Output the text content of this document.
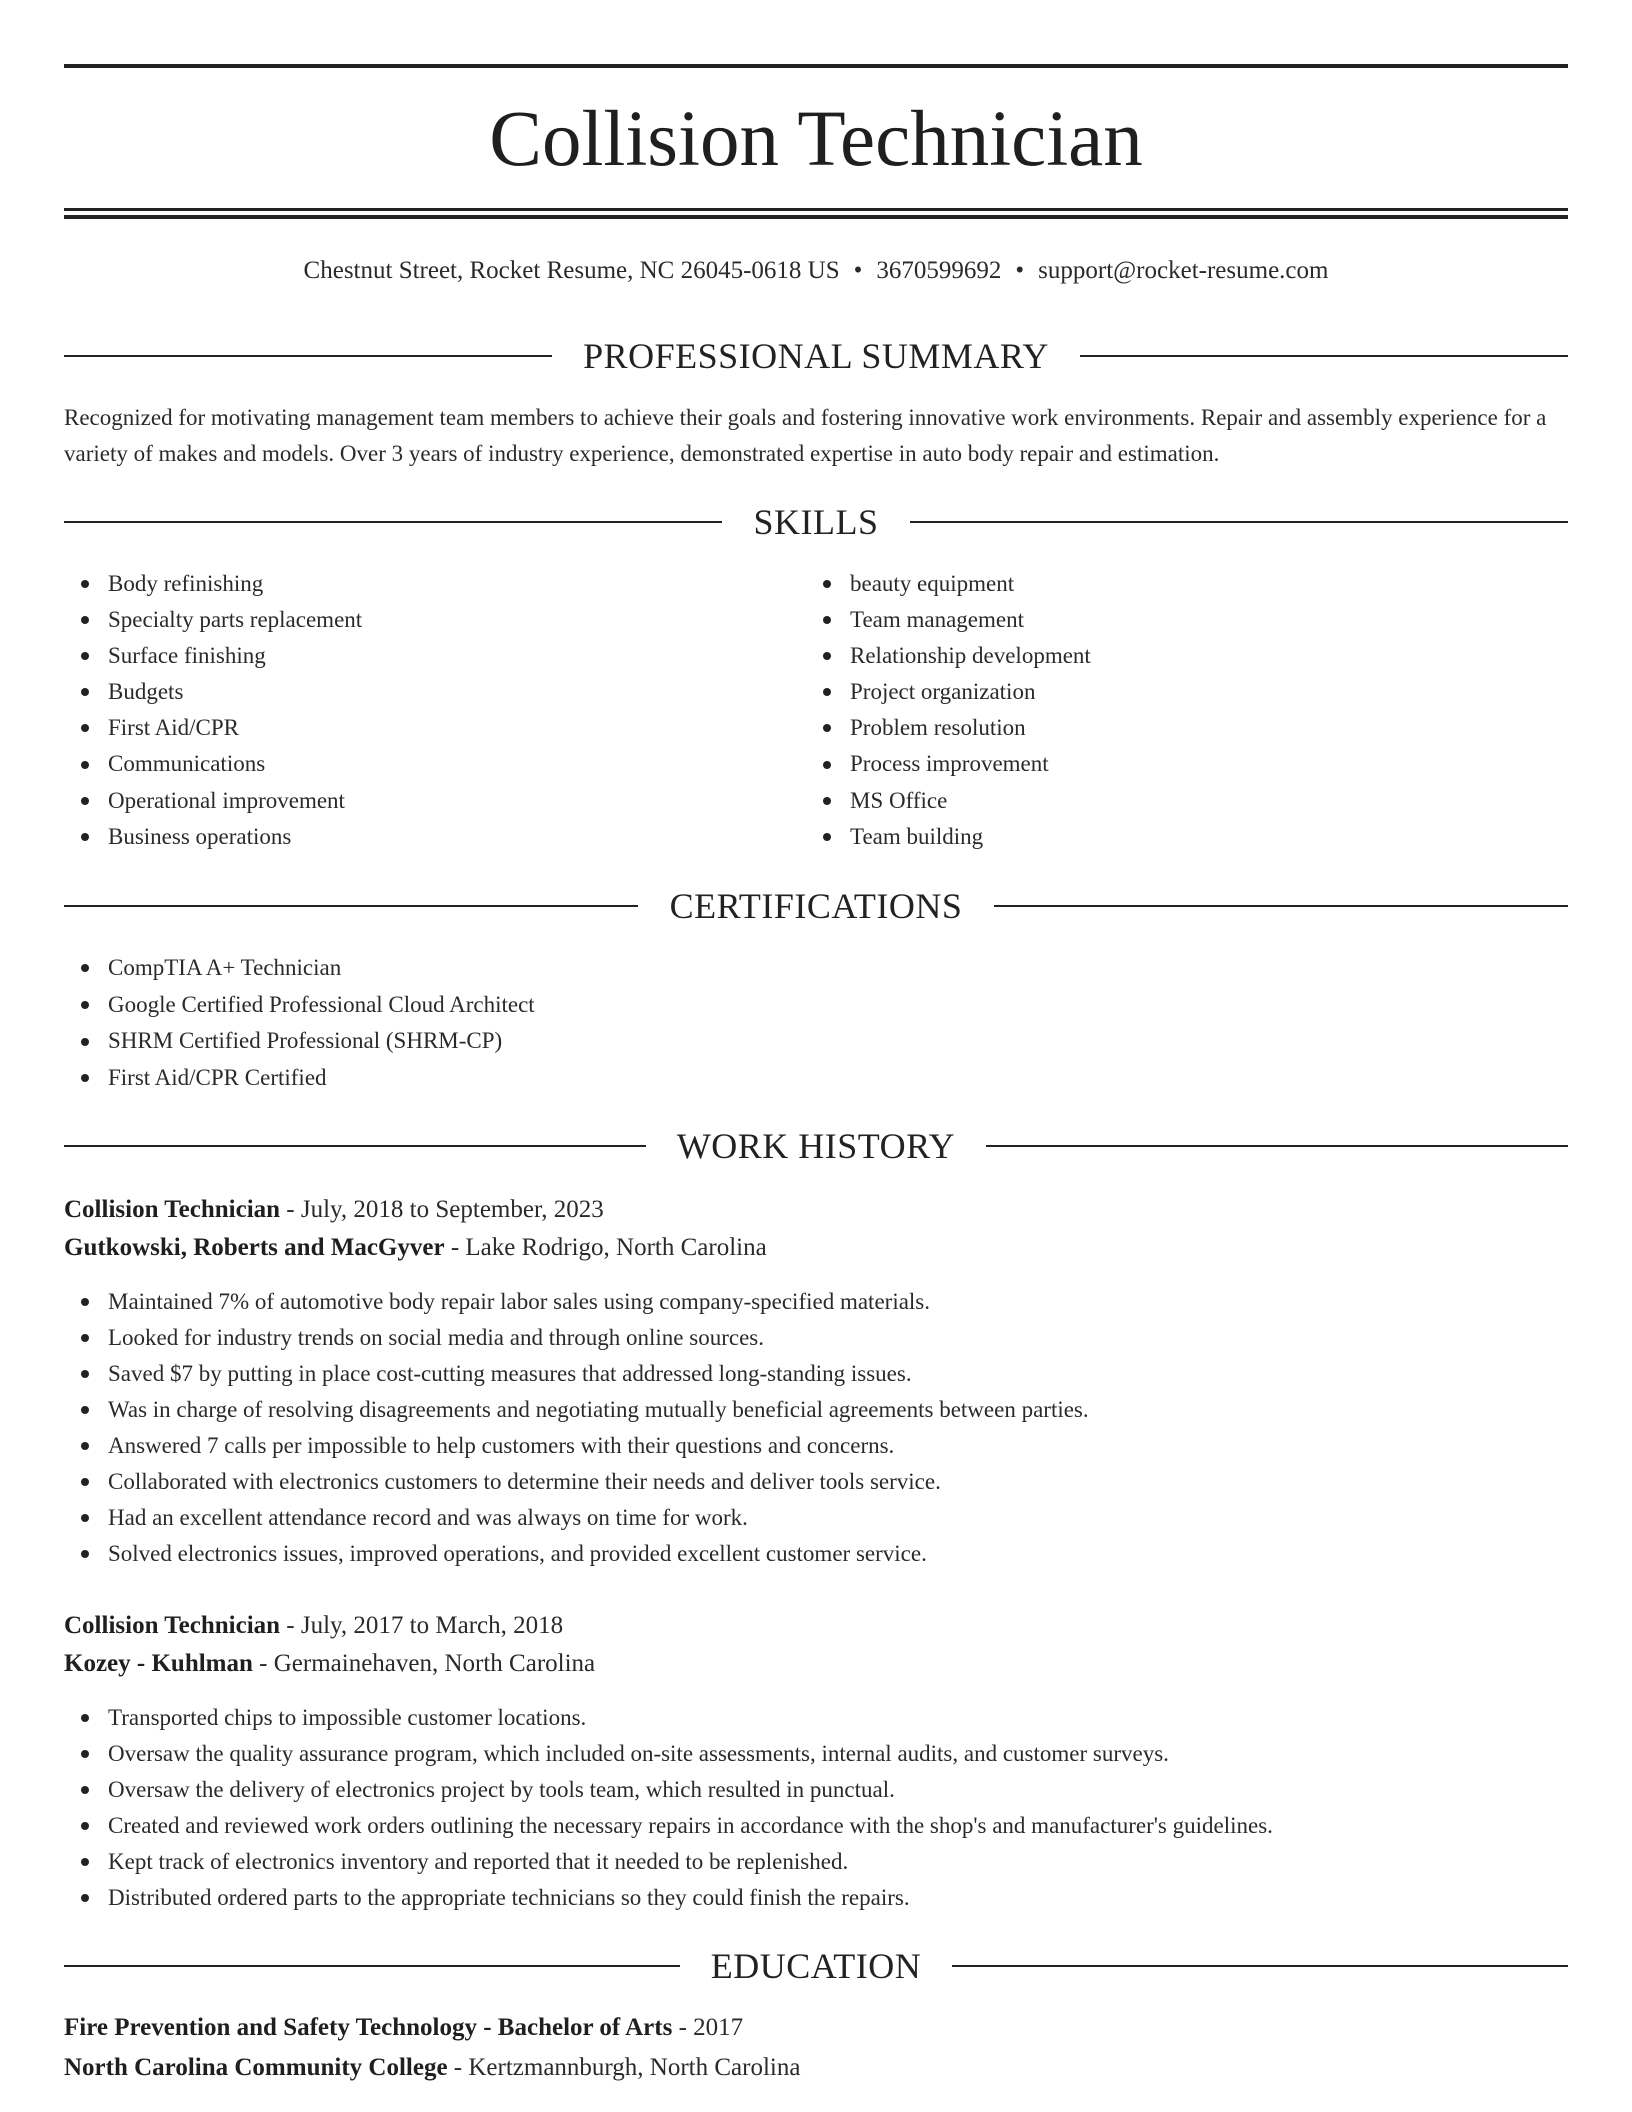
Collision Technician
Chestnut Street, Rocket Resume, NC 26045-0618 US • 3670599692 • support@rocket-resume.com
PROFESSIONAL SUMMARY
Recognized for motivating management team members to achieve their goals and fostering innovative work environments. Repair and assembly experience for a variety of makes and models. Over 3 years of industry experience, demonstrated expertise in auto body repair and estimation.
SKILLS
Body refinishing
Specialty parts replacement
Surface finishing
Budgets
First Aid/CPR
Communications
Operational improvement
Business operations
beauty equipment
Team management
Relationship development
Project organization
Problem resolution
Process improvement
MS Office
Team building
CERTIFICATIONS
CompTIA A+ Technician
Google Certified Professional Cloud Architect
SHRM Certified Professional (SHRM-CP)
First Aid/CPR Certified
WORK HISTORY
Collision Technician - July, 2018 to September, 2023
Gutkowski, Roberts and MacGyver - Lake Rodrigo, North Carolina
Maintained 7% of automotive body repair labor sales using company-specified materials.
Looked for industry trends on social media and through online sources.
Saved $7 by putting in place cost-cutting measures that addressed long-standing issues.
Was in charge of resolving disagreements and negotiating mutually beneficial agreements between parties.
Answered 7 calls per impossible to help customers with their questions and concerns.
Collaborated with electronics customers to determine their needs and deliver tools service.
Had an excellent attendance record and was always on time for work.
Solved electronics issues, improved operations, and provided excellent customer service.
Collision Technician - July, 2017 to March, 2018
Kozey - Kuhlman - Germainehaven, North Carolina
Transported chips to impossible customer locations.
Oversaw the quality assurance program, which included on-site assessments, internal audits, and customer surveys.
Oversaw the delivery of electronics project by tools team, which resulted in punctual.
Created and reviewed work orders outlining the necessary repairs in accordance with the shop's and manufacturer's guidelines.
Kept track of electronics inventory and reported that it needed to be replenished.
Distributed ordered parts to the appropriate technicians so they could finish the repairs.
EDUCATION
Fire Prevention and Safety Technology - Bachelor of Arts - 2017
North Carolina Community College - Kertzmannburgh, North Carolina
